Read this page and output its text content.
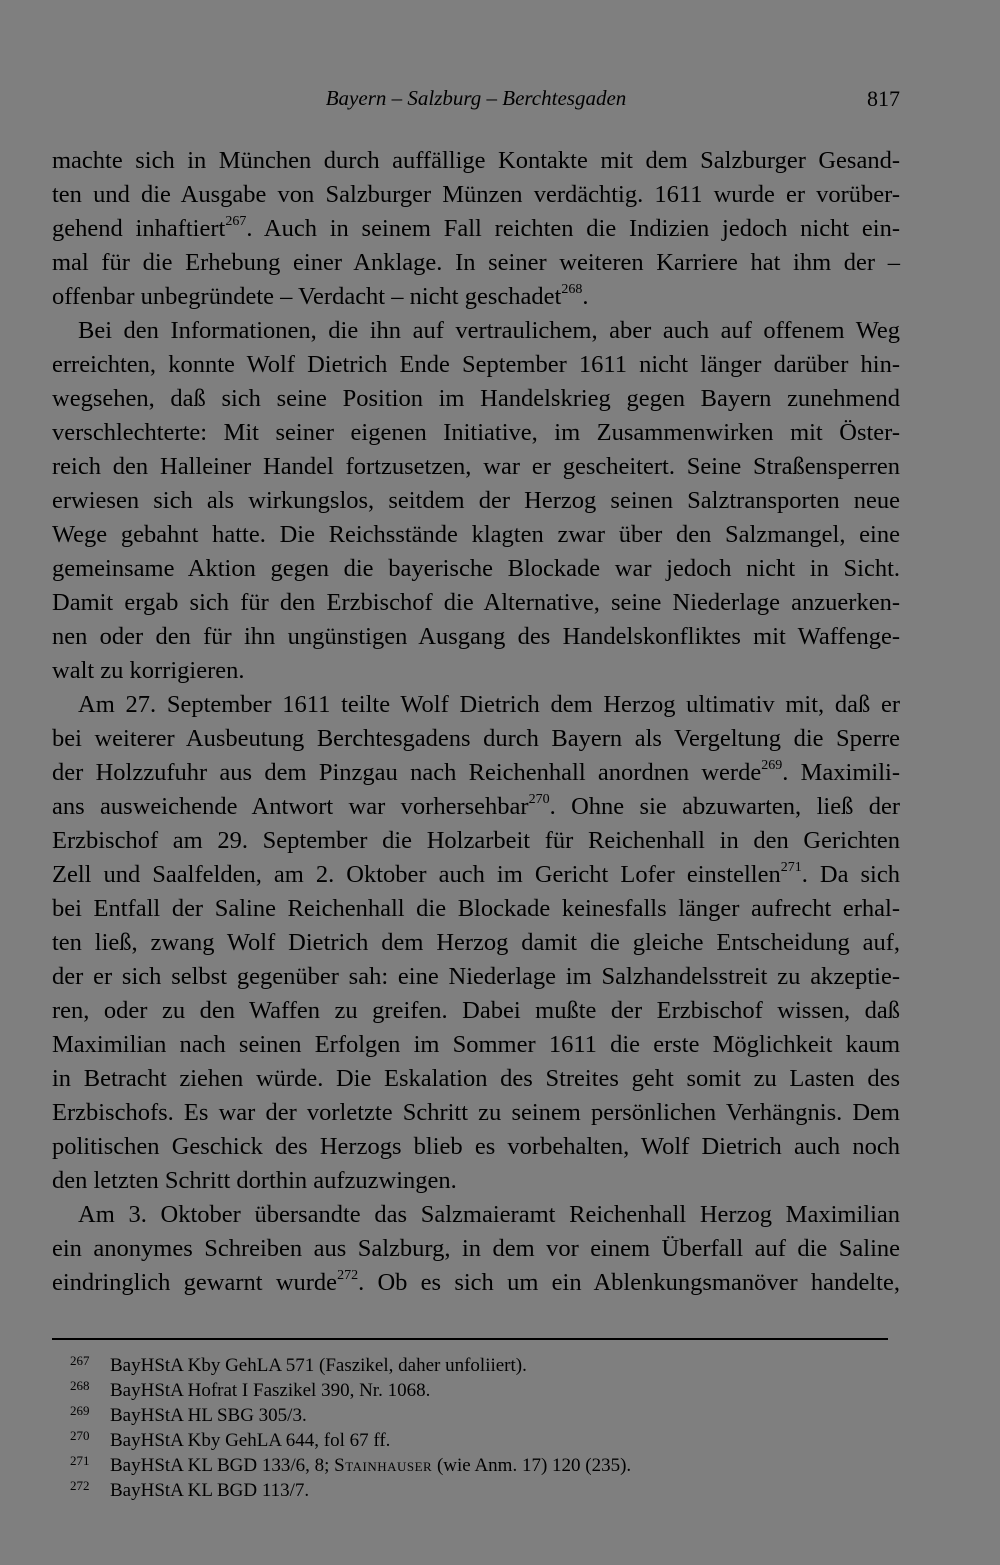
Bayern – Salzburg – Berchtesgaden	817
machte sich in München durch auffällige Kontakte mit dem Salzburger Gesand-
ten und die Ausgabe von Salzburger Münzen verdächtig. 1611 wurde er vorüber-
gehend inhaftiert$^{267}$. Auch in seinem Fall reichten die Indizien jedoch nicht ein-
mal für die Erhebung einer Anklage. In seiner weiteren Karriere hat ihm der –
offenbar unbegründete – Verdacht – nicht geschadet$^{268}$.
Bei den Informationen, die ihn auf vertraulichem, aber auch auf offenem Weg
erreichten, konnte Wolf Dietrich Ende September 1611 nicht länger darüber hin-
wegsehen, daß sich seine Position im Handelskrieg gegen Bayern zunehmend
verschlechterte: Mit seiner eigenen Initiative, im Zusammenwirken mit Öster-
reich den Halleiner Handel fortzusetzen, war er gescheitert. Seine Straßensperren
erwiesen sich als wirkungslos, seitdem der Herzog seinen Salztransporten neue
Wege gebahnt hatte. Die Reichsstände klagten zwar über den Salzmangel, eine
gemeinsame Aktion gegen die bayerische Blockade war jedoch nicht in Sicht.
Damit ergab sich für den Erzbischof die Alternative, seine Niederlage anzuerken-
nen oder den für ihn ungünstigen Ausgang des Handelskonfliktes mit Waffenge-
walt zu korrigieren.
Am 27. September 1611 teilte Wolf Dietrich dem Herzog ultimativ mit, daß er
bei weiterer Ausbeutung Berchtesgadens durch Bayern als Vergeltung die Sperre
der Holzzufuhr aus dem Pinzgau nach Reichenhall anordnen werde$^{269}$. Maximili-
ans ausweichende Antwort war vorhersehbar$^{270}$. Ohne sie abzuwarten, ließ der
Erzbischof am 29. September die Holzarbeit für Reichenhall in den Gerichten
Zell und Saalfelden, am 2. Oktober auch im Gericht Lofer einstellen$^{271}$. Da sich
bei Entfall der Saline Reichenhall die Blockade keinesfalls länger aufrecht erhal-
ten ließ, zwang Wolf Dietrich dem Herzog damit die gleiche Entscheidung auf,
der er sich selbst gegenüber sah: eine Niederlage im Salzhandelsstreit zu akzeptie-
ren, oder zu den Waffen zu greifen. Dabei mußte der Erzbischof wissen, daß
Maximilian nach seinen Erfolgen im Sommer 1611 die erste Möglichkeit kaum
in Betracht ziehen würde. Die Eskalation des Streites geht somit zu Lasten des
Erzbischofs. Es war der vorletzte Schritt zu seinem persönlichen Verhängnis. Dem
politischen Geschick des Herzogs blieb es vorbehalten, Wolf Dietrich auch noch
den letzten Schritt dorthin aufzuzwingen.
Am 3. Oktober übersandte das Salzmaieramt Reichenhall Herzog Maximilian
ein anonymes Schreiben aus Salzburg, in dem vor einem Überfall auf die Saline
eindringlich gewarnt wurde$^{272}$. Ob es sich um ein Ablenkungsmanöver handelte,
267	BayHStA Kby GehLA 571 (Faszikel, daher unfoliiert).
268	BayHStA Hofrat I Faszikel 390, Nr. 1068.
269	BayHStA HL SBG 305/3.
270	BayHStA Kby GehLA 644, fol 67 ff.
271	BayHStA KL BGD 133/6, 8; Stainhauser (wie Anm. 17) 120 (235).
272	BayHStA KL BGD 113/7.
